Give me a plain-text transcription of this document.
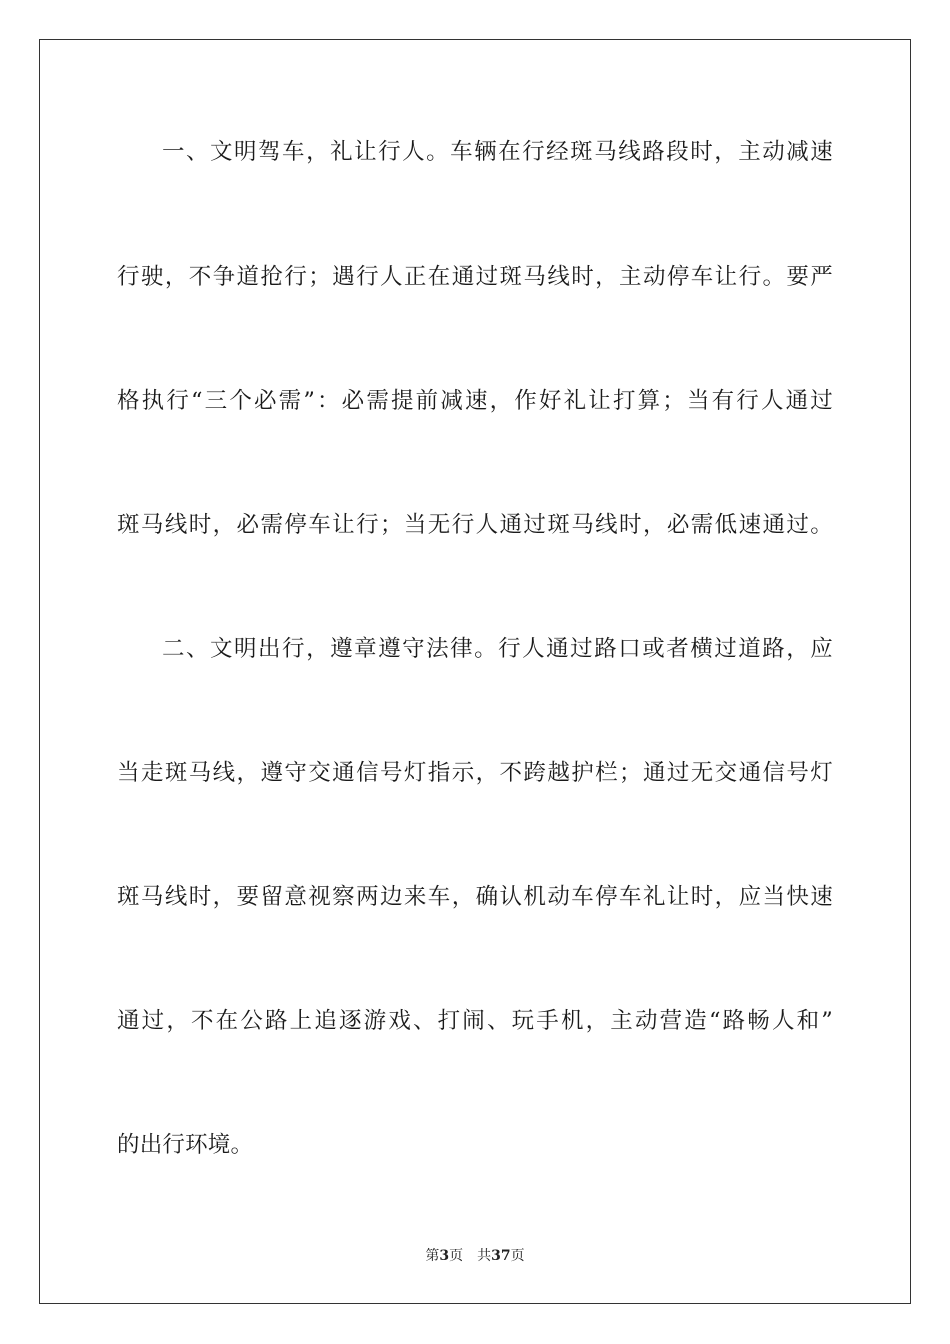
一、文明驾车，礼让行人。车辆在行经斑马线路段时，主动减速
行驶，不争道抢行；遇行人正在通过斑马线时，主动停车让行。要严
格执行“三个必需”：必需提前减速，作好礼让打算；当有行人通过
斑马线时，必需停车让行；当无行人通过斑马线时，必需低速通过。
二、文明出行，遵章遵守法律。行人通过路口或者横过道路，应
当走斑马线，遵守交通信号灯指示，不跨越护栏；通过无交通信号灯
斑马线时，要留意视察两边来车，确认机动车停车礼让时，应当快速
通过，不在公路上追逐游戏、打闹、玩手机，主动营造“路畅人和”
的出行环境。
第3页 共37页
